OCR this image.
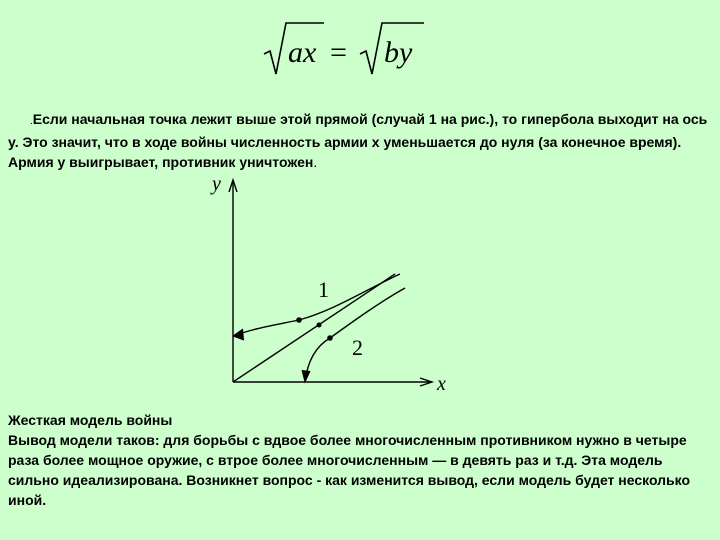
ax = by

.Если начальная точка лежит выше этой прямой (случай 1 на рис.), то гипербола выходит на ось y. Это значит, что в ходе войны численность армии x уменьшается до нуля (за конечное время). Армия y выигрывает, противник уничтожен.

y
x
1
2

Жесткая модель войны

Вывод модели таков: для борьбы с вдвое более многочисленным противником нужно в четыре раза более мощное оружие, с втрое более многочисленным — в девять раз и т.д. Эта модель сильно идеализирована. Возникнет вопрос - как изменится вывод, если модель будет несколько иной.
